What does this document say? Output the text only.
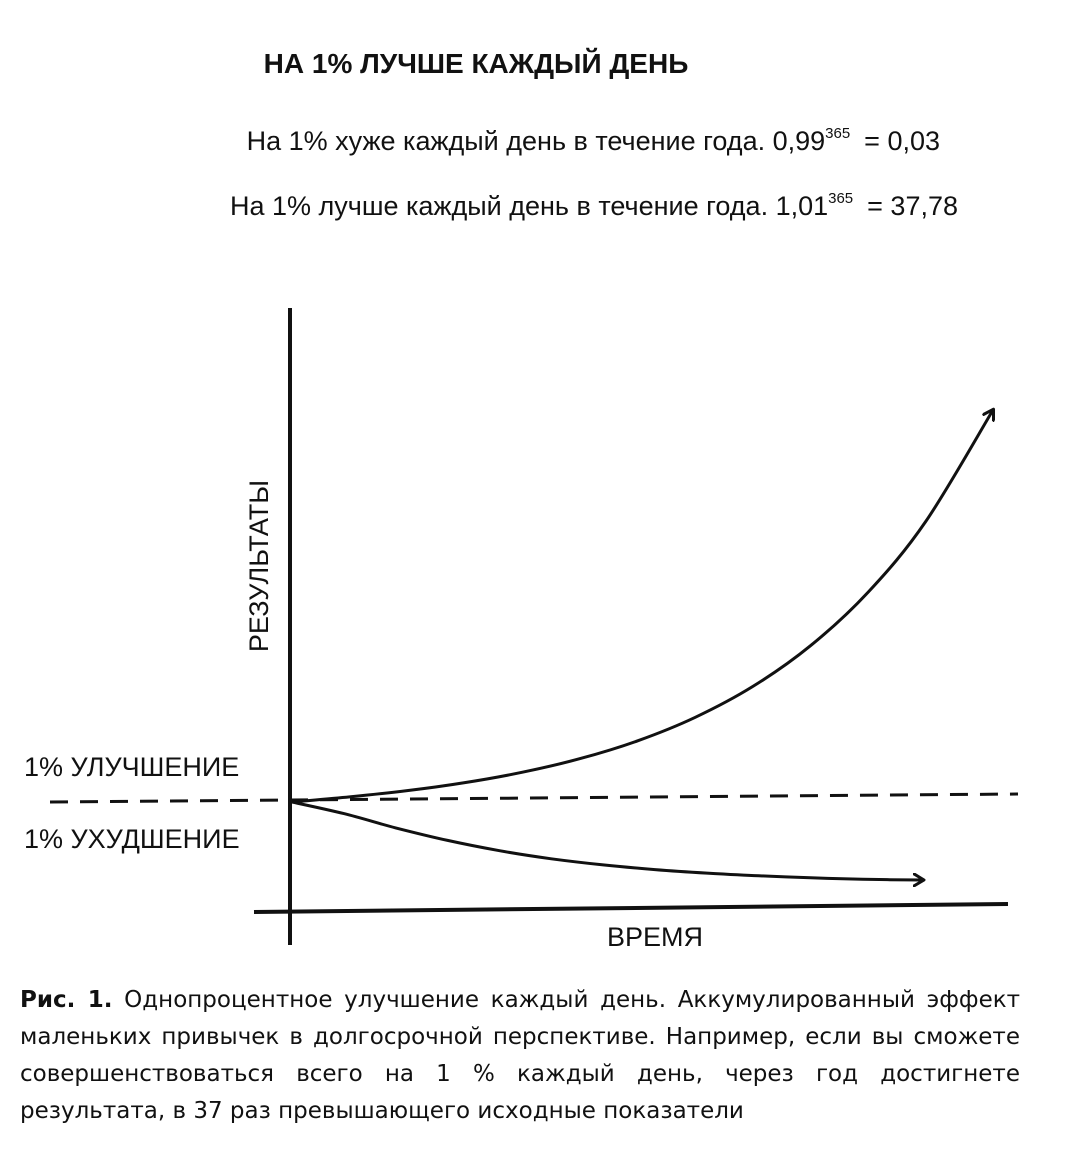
НА 1% ЛУЧШЕ КАЖДЫЙ ДЕНЬ
На 1% хуже каждый день в течение года. $0,99^{365} = 0,03$
На 1% лучше каждый день в течение года. $1,01^{365} = 37,78$
РЕЗУЛЬТАТЫ
ВРЕМЯ
1% УЛУЧШЕНИЕ
1% УХУДШЕНИЕ
Рис. 1. Однопроцентное улучшение каждый день. Аккумулированный эффект маленьких привычек в долгосрочной перспективе. Например, если вы сможете совершенствоваться всего на 1 % каждый день, через год достигнете результата, в 37 раз превышающего исходные показатели
